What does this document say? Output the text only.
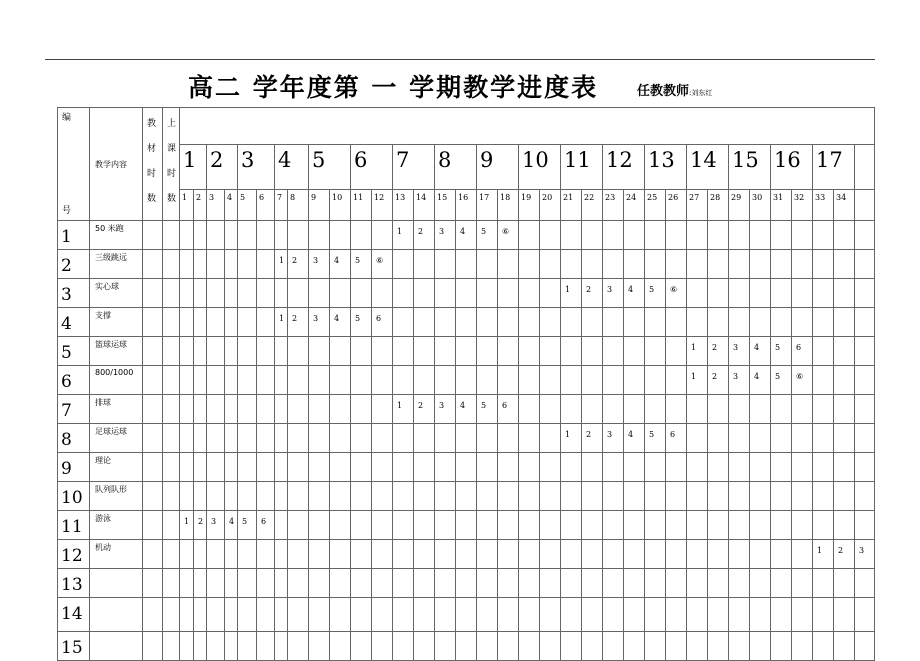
高二 学年度第 一 学期教学进度表	任教教师:刘东红
编
号	教学内容	教材时数	上课时数																																			

				1		2		3		4		5		6		7		8		9		10		11		12		13		14		15		16		17		
				1	2	3	4	5	6	7	8	9	10	11	12	13	14	15	16	17	18	19	20	21	22	23	24	25	26	27	28	29	30	31	32	33	34	
1	50 米跑															1	2	3	4	5	⑥																	
2	三级跳远									1	2	3	4	5	⑥																							
3	实心球																							1	2	3	4	5	⑥									
4	支撑									1	2	3	4	5	6																							
5	篮球运球																													1	2	3	4	5	6			
6	800/1000																													1	2	3	4	5	⑥			
7	排球															1	2	3	4	5	6																	
8	足球运球																							1	2	3	4	5	6									
9	理论																																					
10	队列队形																																					
11	游泳			1	2	3	4	5	6																													
12	机动																																			1	2	3
13																																						
14																																						
15																																						
